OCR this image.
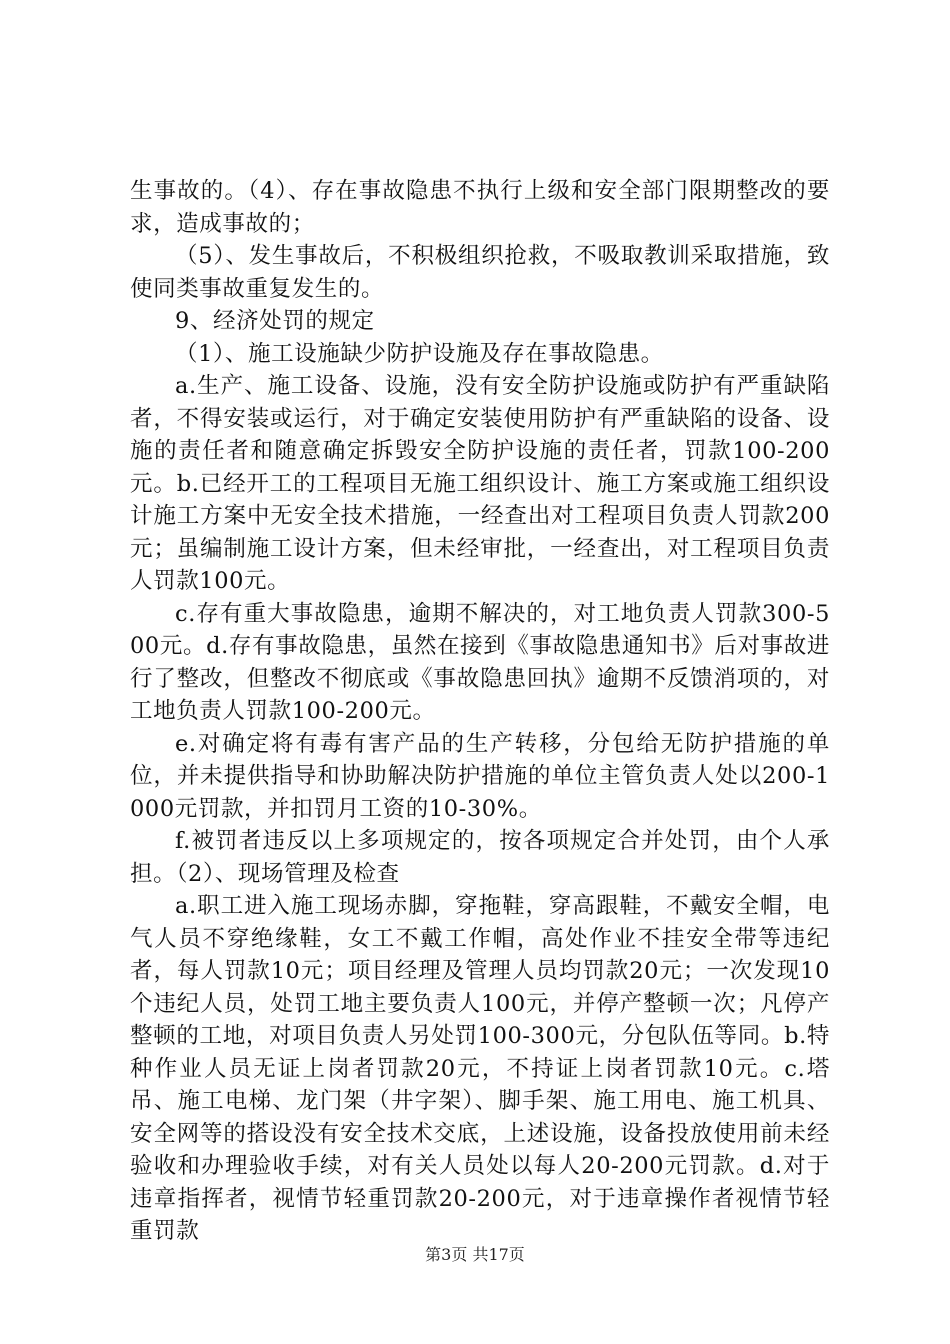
生事故的。（4）、存在事故隐患不执行上级和安全部门限期整改的要求，造成事故的；

（5）、发生事故后，不积极组织抢救，不吸取教训采取措施，致使同类事故重复发生的。

9、经济处罚的规定

（1）、施工设施缺少防护设施及存在事故隐患。

a.生产、施工设备、设施，没有安全防护设施或防护有严重缺陷者，不得安装或运行，对于确定安装使用防护有严重缺陷的设备、设施的责任者和随意确定拆毁安全防护设施的责任者，罚款100-200元。b.已经开工的工程项目无施工组织设计、施工方案或施工组织设计施工方案中无安全技术措施，一经查出对工程项目负责人罚款200元；虽编制施工设计方案，但未经审批，一经查出，对工程项目负责人罚款100元。

c.存有重大事故隐患，逾期不解决的，对工地负责人罚款300-500元。d.存有事故隐患，虽然在接到《事故隐患通知书》后对事故进行了整改，但整改不彻底或《事故隐患回执》逾期不反馈消项的，对工地负责人罚款100-200元。

e.对确定将有毒有害产品的生产转移，分包给无防护措施的单位，并未提供指导和协助解决防护措施的单位主管负责人处以200-1000元罚款，并扣罚月工资的10-30%。

f.被罚者违反以上多项规定的，按各项规定合并处罚，由个人承担。（2）、现场管理及检查

a.职工进入施工现场赤脚，穿拖鞋，穿高跟鞋，不戴安全帽，电气人员不穿绝缘鞋，女工不戴工作帽，高处作业不挂安全带等违纪者，每人罚款10元；项目经理及管理人员均罚款20元；一次发现10个违纪人员，处罚工地主要负责人100元，并停产整顿一次；凡停产整顿的工地，对项目负责人另处罚100-300元，分包队伍等同。b.特种作业人员无证上岗者罚款20元，不持证上岗者罚款10元。c.塔吊、施工电梯、龙门架（井字架）、脚手架、施工用电、施工机具、安全网等的搭设没有安全技术交底，上述设施，设备投放使用前未经验收和办理验收手续，对有关人员处以每人20-200元罚款。d.对于违章指挥者，视情节轻重罚款20-200元，对于违章操作者视情节轻重罚款

第3页 共17页
